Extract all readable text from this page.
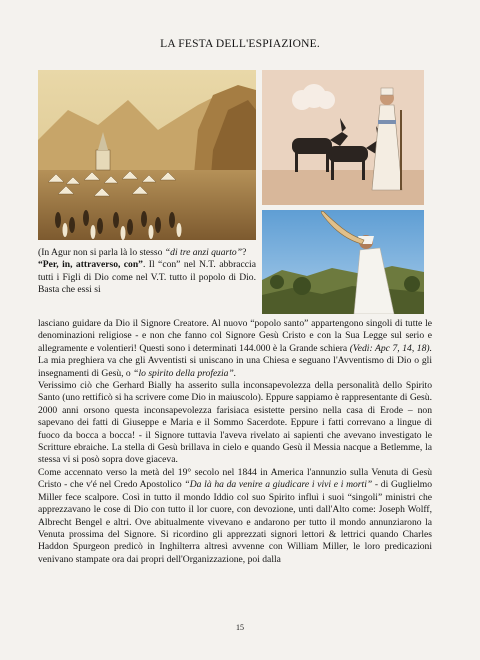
LA FESTA DELL'ESPIAZIONE.

(In Agur non si parla là lo stesso “di tre anzi quarto”?

“Per, in, attraverso, con”. Il “con” nel N.T. abbraccia tutti i Figli di Dio come nel V.T. tutto il popolo di Dio. Basta che essi si

lasciano guidare da Dio il Signore Creatore. Al nuovo “popolo santo” appartengono singoli di tutte le denominazioni religiose - e non che fanno col Signore Gesù Cristo e con la Sua Legge sul serio e allegramente e volentieri! Questi sono i determinati 144.000 è la Grande schiera (Vedi: Apc 7, 14, 18). La mia preghiera va che gli Avventisti si uniscano in una Chiesa e seguano l'Avventismo di Dio o gli insegnamenti di Gesù, o “lo spirito della profezia”.

Verissimo ciò che Gerhard Bially ha asserito sulla inconsapevolezza della personalità dello Spirito Santo (uno rettificò si ha scrivere come Dio in maiuscolo). Eppure sappiamo è rappresentante di Gesù. 2000 anni orsono questa inconsapevolezza farisiaca esistette persino nella casa di Erode – non sapevano dei fatti di Giuseppe e Maria e il Sommo Sacerdote. Eppure i fatti correvano a lingue di fuoco da bocca a bocca! - il Signore tuttavia l'aveva rivelato ai sapienti che avevano investigato le Scritture ebraiche. La stella di Gesù brillava in cielo e quando Gesù il Messia nacque a Betlemme, la stessa vi si posò sopra dove giaceva.

Come accennato verso la metà del 19° secolo nel 1844 in America l'annunzio sulla Venuta di Gesù Cristo - che v'é nel Credo Apostolico “Da là ha da venire a giudicare i vivi e i morti” - di Guglielmo Miller fece scalpore. Così in tutto il mondo Iddio col suo Spirito influì i suoi “singoli” ministri che apprezzavano le cose di Dio con tutto il lor cuore, con devozione, unti dall'Alto come: Joseph Wolff, Albrecht Bengel e altri. Ove abitualmente vivevano e andarono per tutto il mondo annunziarono la Venuta prossima del Signore. Si ricordino gli apprezzati signori lettori & lettrici quando Charles Haddon Spurgeon predicò in Inghilterra altresì avvenne con William Miller, le loro predicazioni venivano stampate ora dai propri dell'Organizzazione, poi dalla

15
